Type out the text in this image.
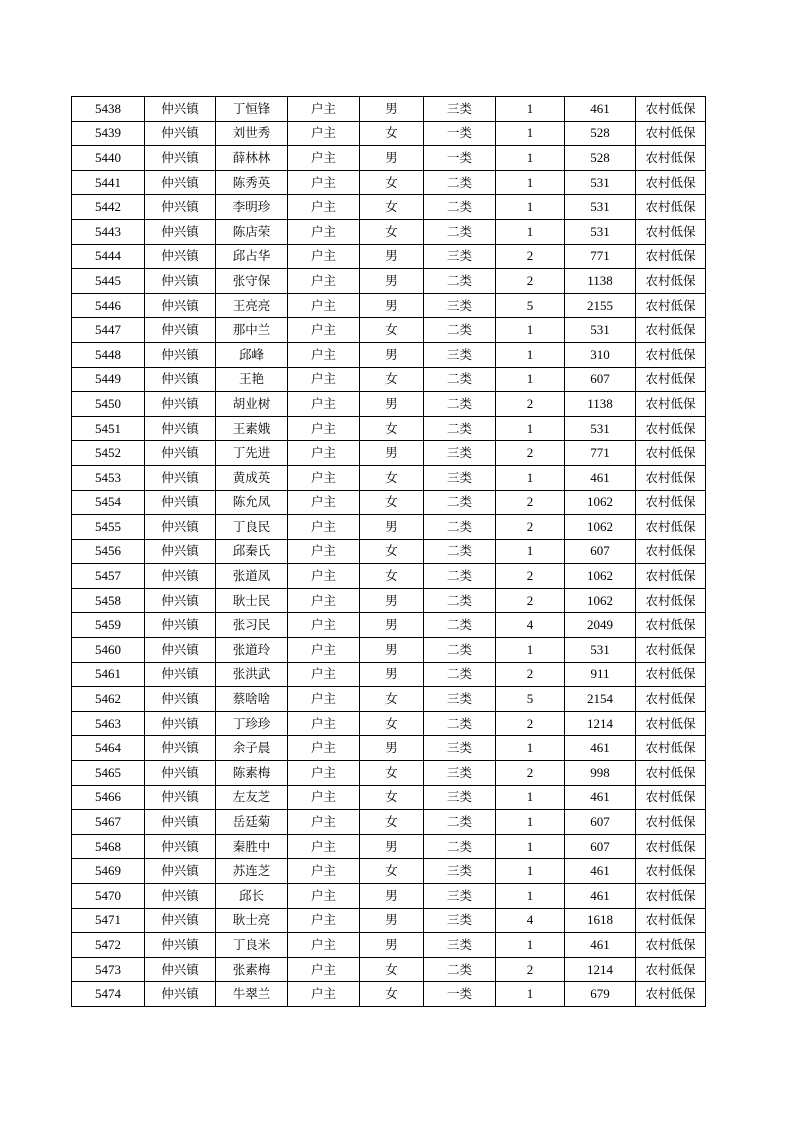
5438	仲兴镇	丁恒锋	户主	男	三类	1	461	农村低保
5439	仲兴镇	刘世秀	户主	女	一类	1	528	农村低保
5440	仲兴镇	薛林林	户主	男	一类	1	528	农村低保
5441	仲兴镇	陈秀英	户主	女	二类	1	531	农村低保
5442	仲兴镇	李明珍	户主	女	二类	1	531	农村低保
5443	仲兴镇	陈店荣	户主	女	二类	1	531	农村低保
5444	仲兴镇	邱占华	户主	男	三类	2	771	农村低保
5445	仲兴镇	张守保	户主	男	二类	2	1138	农村低保
5446	仲兴镇	王亮亮	户主	男	三类	5	2155	农村低保
5447	仲兴镇	那中兰	户主	女	二类	1	531	农村低保
5448	仲兴镇	邱峰	户主	男	三类	1	310	农村低保
5449	仲兴镇	王艳	户主	女	二类	1	607	农村低保
5450	仲兴镇	胡业树	户主	男	二类	2	1138	农村低保
5451	仲兴镇	王素娥	户主	女	二类	1	531	农村低保
5452	仲兴镇	丁先进	户主	男	三类	2	771	农村低保
5453	仲兴镇	黄成英	户主	女	三类	1	461	农村低保
5454	仲兴镇	陈允凤	户主	女	二类	2	1062	农村低保
5455	仲兴镇	丁良民	户主	男	二类	2	1062	农村低保
5456	仲兴镇	邱秦氏	户主	女	二类	1	607	农村低保
5457	仲兴镇	张道凤	户主	女	二类	2	1062	农村低保
5458	仲兴镇	耿士民	户主	男	二类	2	1062	农村低保
5459	仲兴镇	张习民	户主	男	二类	4	2049	农村低保
5460	仲兴镇	张道玲	户主	男	二类	1	531	农村低保
5461	仲兴镇	张洪武	户主	男	二类	2	911	农村低保
5462	仲兴镇	蔡啥啥	户主	女	三类	5	2154	农村低保
5463	仲兴镇	丁珍珍	户主	女	二类	2	1214	农村低保
5464	仲兴镇	余子晨	户主	男	三类	1	461	农村低保
5465	仲兴镇	陈素梅	户主	女	三类	2	998	农村低保
5466	仲兴镇	左友芝	户主	女	三类	1	461	农村低保
5467	仲兴镇	岳廷菊	户主	女	二类	1	607	农村低保
5468	仲兴镇	秦胜中	户主	男	二类	1	607	农村低保
5469	仲兴镇	苏连芝	户主	女	三类	1	461	农村低保
5470	仲兴镇	邱长	户主	男	三类	1	461	农村低保
5471	仲兴镇	耿士亮	户主	男	三类	4	1618	农村低保
5472	仲兴镇	丁良米	户主	男	三类	1	461	农村低保
5473	仲兴镇	张素梅	户主	女	二类	2	1214	农村低保
5474	仲兴镇	牛翠兰	户主	女	一类	1	679	农村低保
